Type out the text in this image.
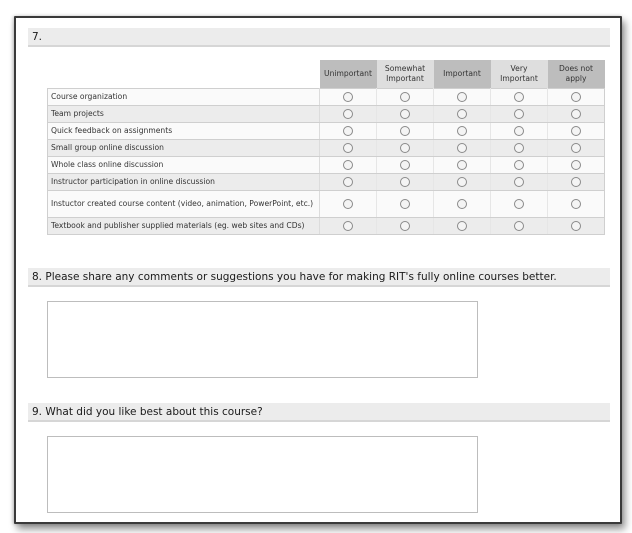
7.
	Unimportant	Somewhat Important	Important	Very Important	Does not apply
Course organization					
Team projects					
Quick feedback on assignments					
Small group online discussion					
Whole class online discussion					
Instructor participation in online discussion					
Instuctor created course content (video, animation, PowerPoint, etc.)					
Textbook and publisher supplied materials (eg. web sites and CDs)					
8. Please share any comments or suggestions you have for making RIT's fully online courses better.
9. What did you like best about this course?
